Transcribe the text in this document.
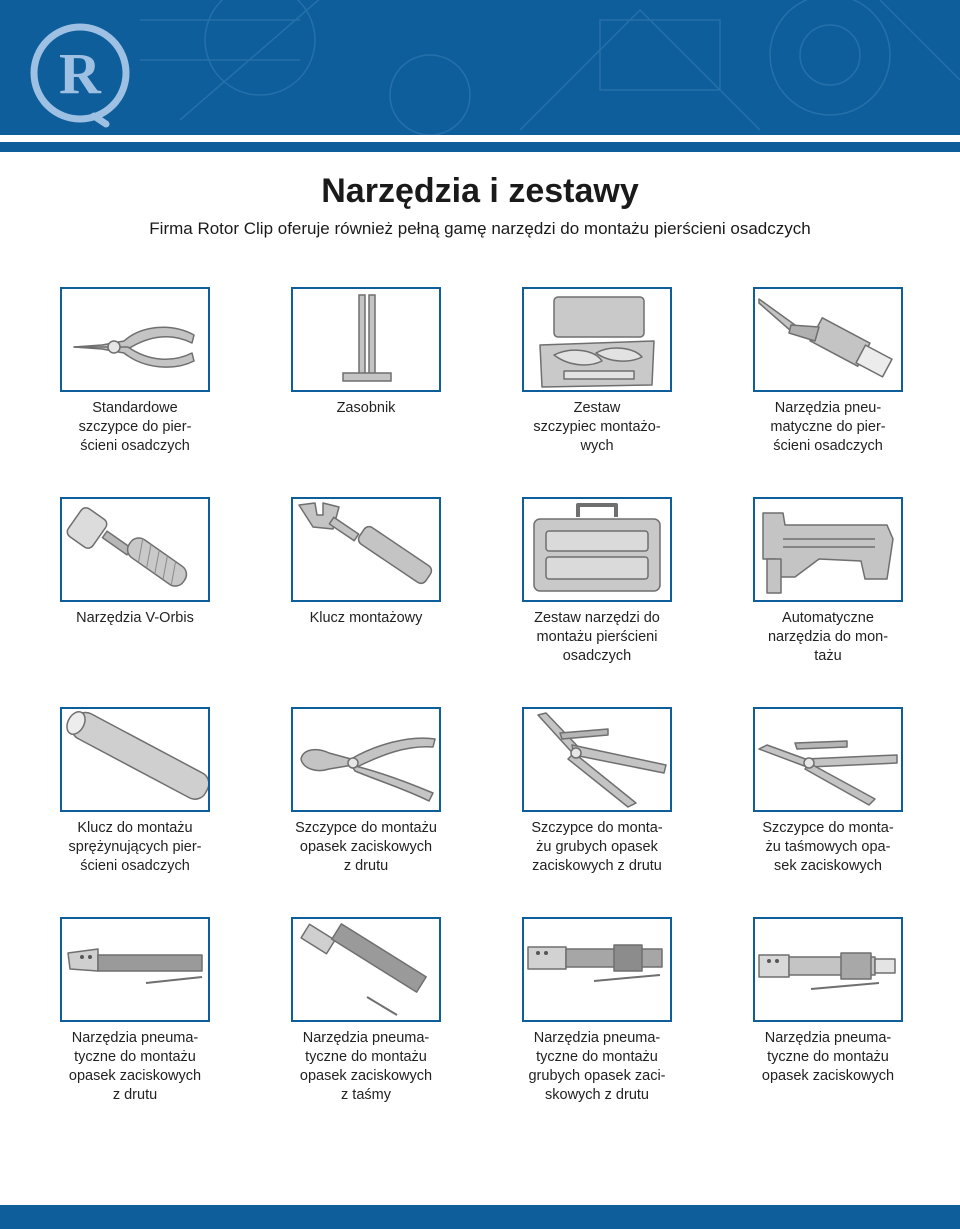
R
Narzędzia i zestawy

Firma Rotor Clip oferuje również pełną gamę narzędzi do montażu pierścieni osadczych

Standardowe
szczypce do pier-
ścieni osadczych
Zasobnik	Zestaw
szczypiec montażo-
wych
Narzędzia pneu-
matyczne do pier-
ścieni osadczych
Narzędzia V-Orbis	Klucz montażowy	Zestaw narzędzi do
montażu pierścieni
osadczych
Automatyczne
narzędzia do mon-
tażu
Klucz do montażu
sprężynujących pier-
ścieni osadczych
Szczypce do montażu
opasek zaciskowych
z drutu
Szczypce do monta-
żu grubych opasek
zaciskowych z drutu
Szczypce do monta-
żu taśmowych opa-
sek zaciskowych
Narzędzia pneuma-
tyczne do montażu
opasek zaciskowych
z drutu
Narzędzia pneuma-
tyczne do montażu
opasek zaciskowych
z taśmy
Narzędzia pneuma-
tyczne do montażu
grubych opasek zaci-
skowych z drutu
Narzędzia pneuma-
tyczne do montażu
opasek zaciskowych
